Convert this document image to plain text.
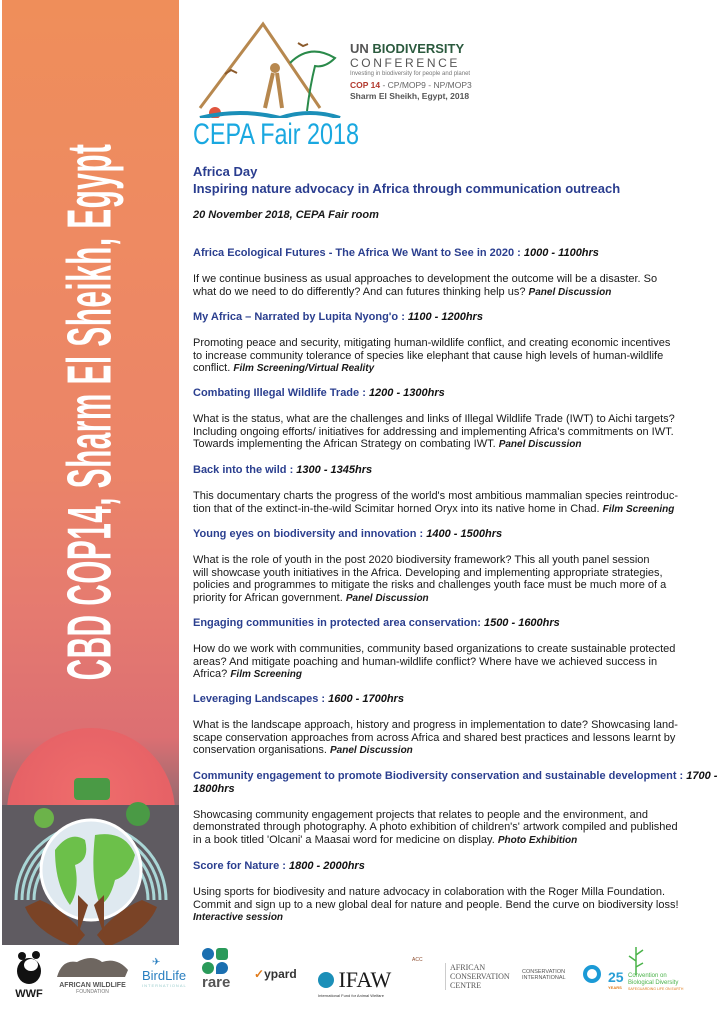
CBD COP14, Sharm El Sheikh, Egypt
UN BIODIVERSITY
CONFERENCE
Investing in biodiversity for people and planet
COP 14 - CP/MOP9 - NP/MOP3
Sharm El Sheikh, Egypt, 2018
CEPA Fair 2018
Africa Day
Inspiring nature advocacy in Africa through communication outreach
20 November 2018, CEPA Fair room
Africa Ecological Futures - The Africa We Want to See in 2020 : 1000 - 1100hrs
If we continue business as usual approaches to development the outcome will be a disaster. So
what do we need to do differently? And can futures thinking help us? Panel Discussion
My Africa – Narrated by Lupita Nyong'o : 1100 - 1200hrs
Promoting peace and security, mitigating human-wildlife conflict, and creating economic incentives
to increase community tolerance of species like elephant that cause high levels of human-wildlife
conflict. Film Screening/Virtual Reality
Combating Illegal Wildlife Trade : 1200 - 1300hrs
What is the status, what are the challenges and links of Illegal Wildlife Trade (IWT) to Aichi targets?
Including ongoing efforts/ initiatives for addressing and implementing Africa's commitments on IWT.
Towards implementing the African Strategy on combating IWT. Panel Discussion
Back into the wild : 1300 - 1345hrs
This documentary charts the progress of the world's most ambitious mammalian species reintroduc-
tion that of the extinct-in-the-wild Scimitar horned Oryx into its native home in Chad. Film Screening
Young eyes on biodiversity and innovation : 1400 - 1500hrs
What is the role of youth in the post 2020 biodiversity framework? This all youth panel session
will showcase youth initiatives in the Africa. Developing and implementing appropriate strategies,
policies and programmes to mitigate the risks and challenges youth face must be much more of a
priority for African government. Panel Discussion
Engaging communities in protected area conservation: 1500 - 1600hrs
How do we work with communities, community based organizations to create sustainable protected
areas? And mitigate poaching and human-wildlife conflict? Where have we achieved success in
Africa? Film Screening
Leveraging Landscapes : 1600 - 1700hrs
What is the landscape approach, history and progress in implementation to date? Showcasing land-
scape conservation approaches from across Africa and shared best practices and lessons learnt by
conservation organisations. Panel Discussion
Community engagement to promote Biodiversity conservation and sustainable development : 1700 - 1800hrs
Showcasing community engagement projects that relates to people and the environment, and
demonstrated through photography. A photo exhibition of children's' artwork compiled and published
in a book titled 'Olcani' a Maasai word for medicine on display. Photo Exhibition
Score for Nature : 1800 - 2000hrs
Using sports for biodivesity and nature advocacy in colaboration with the Roger Milla Foundation.
Commit and sign up to a new global deal for nature and people. Bend the curve on biodiversity loss!
Interactive session
WWF
AFRICAN WILDLIFE
FOUNDATION
✈
BirdLife
INTERNATIONAL rare ✓ypard	IFAW
International Fund for Animal Welfare
ACC
AFRICAN
CONSERVATION
CENTRE
CONSERVATION
INTERNATIONAL	25
YEARS
Convention on
Biological Diversity
SAFEGUARDING LIFE ON EARTH
